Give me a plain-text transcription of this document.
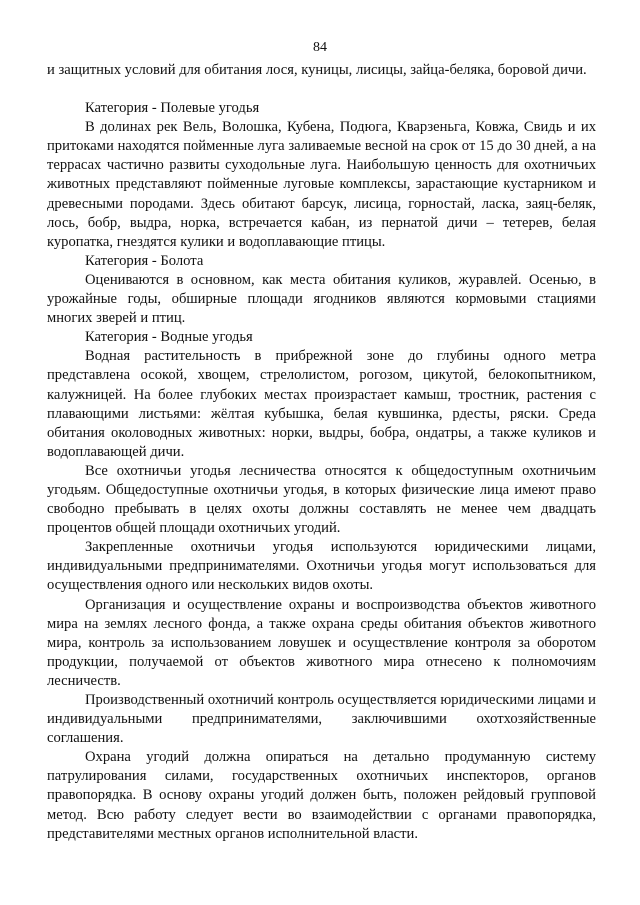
84

и защитных условий для обитания лося, куницы, лисицы, зайца-беляка, боровой дичи.

Категория - Полевые угодья

В долинах рек Вель, Волошка, Кубена, Подюга, Кварзеньга, Ковжа, Свидь и их притоками находятся пойменные луга заливаемые весной на срок от 15 до 30 дней, а на террасах частично развиты суходольные луга. Наибольшую ценность для охотничьих животных представляют пойменные луговые комплексы, зарастающие кустарником и древесными породами. Здесь обитают барсук, лисица, горностай, ласка, заяц-беляк, лось, бобр, выдра, норка, встречается кабан, из пернатой дичи – тетерев, белая куропатка, гнездятся кулики и водоплавающие птицы.

Категория - Болота

Оцениваются в основном, как места обитания куликов, журавлей. Осенью, в урожайные годы, обширные площади ягодников являются кормовыми стациями многих зверей и птиц.

Категория - Водные угодья

Водная растительность в прибрежной зоне до глубины одного метра представлена осокой, хвощем, стрелолистом, рогозом, цикутой, белокопытником, калужницей. На более глубоких местах произрастает камыш, тростник, растения с плавающими листьями: жёлтая кубышка, белая кувшинка, рдесты, ряски. Среда обитания околоводных животных: норки, выдры, бобра, ондатры, а также куликов и водоплавающей дичи.

Все охотничьи угодья лесничества относятся к общедоступным охотничьим угодьям. Общедоступные охотничьи угодья, в которых физические лица имеют право свободно пребывать в целях охоты должны составлять не менее чем двадцать процентов общей площади охотничьих угодий.

Закрепленные охотничьи угодья используются юридическими лицами, индивидуальными предпринимателями. Охотничьи угодья могут использоваться для осуществления одного или нескольких видов охоты.

Организация и осуществление охраны и воспроизводства объектов животного мира на землях лесного фонда, а также охрана среды обитания объектов животного мира, контроль за использованием ловушек и осуществление контроля за оборотом продукции, получаемой от объектов животного мира отнесено к полномочиям лесничеств.

Производственный охотничий контроль осуществляется юридическими лицами и индивидуальными предпринимателями, заключившими охотхозяйственные соглашения.

Охрана угодий должна опираться на детально продуманную систему патрулирования силами, государственных охотничьих инспекторов, органов правопорядка. В основу охраны угодий должен быть, положен рейдовый групповой метод. Всю работу следует вести во взаимодействии с органами правопорядка, представителями местных органов исполнительной власти.
